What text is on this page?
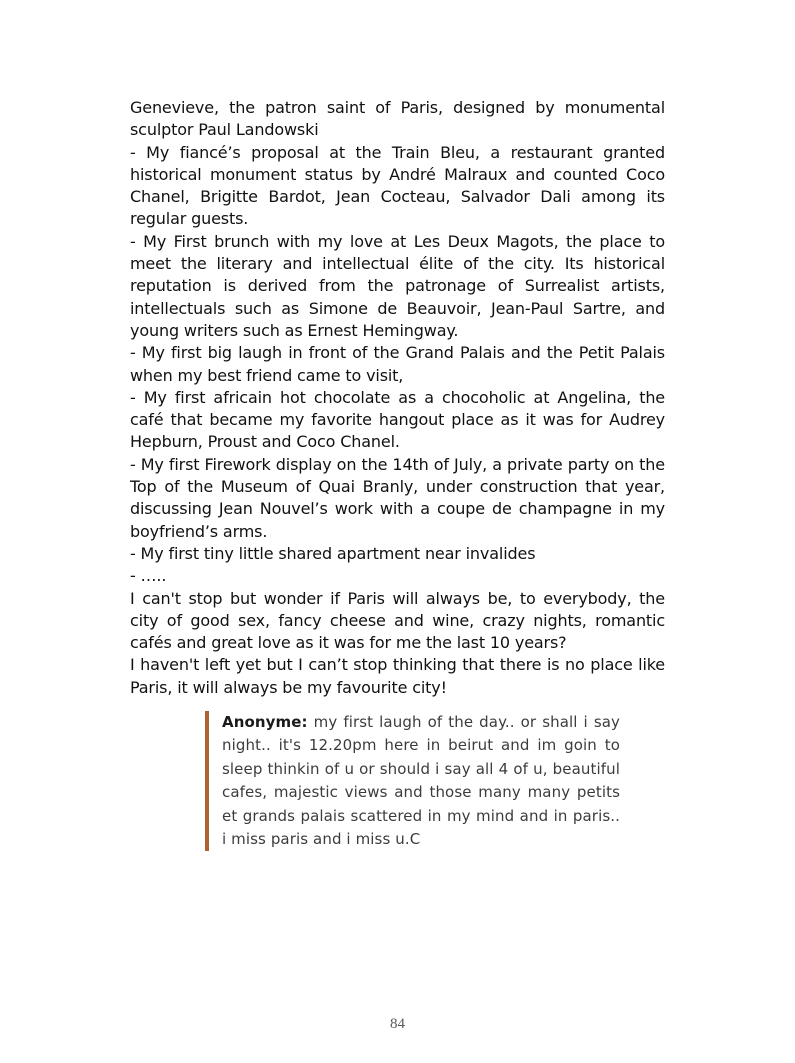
Genevieve, the patron saint of Paris, designed by monumental sculptor Paul Landowski

- My fiancé’s proposal at the Train Bleu, a restaurant granted historical monument status by André Malraux and counted Coco Chanel, Brigitte Bardot, Jean Cocteau, Salvador Dali among its regular guests.

- My First brunch with my love at Les Deux Magots, the place to meet the literary and intellectual élite of the city. Its historical reputation is derived from the patronage of Surrealist artists, intellectuals such as Simone de Beauvoir, Jean-Paul Sartre, and young writers such as Ernest Hemingway.

- My first big laugh in front of the Grand Palais and the Petit Palais when my best friend came to visit,

- My first africain hot chocolate as a chocoholic at Angelina, the café that became my favorite hangout place as it was for Audrey Hepburn, Proust and Coco Chanel.

- My first Firework display on the 14th of July, a private party on the Top of the Museum of Quai Branly, under construction that year, discussing Jean Nouvel’s work with a coupe de champagne in my boyfriend’s arms.

- My first tiny little shared apartment near invalides

- …..

I can't stop but wonder if Paris will always be, to everybody, the city of good sex, fancy cheese and wine, crazy nights, romantic cafés and great love as it was for me the last 10 years?

I haven't left yet but I can’t stop thinking that there is no place like Paris, it will always be my favourite city!

Anonyme: my first laugh of the day.. or shall i say night.. it's 12.20pm here in beirut and im goin to sleep thinkin of u or should i say all 4 of u, beautiful cafes, majestic views and those many many petits et grands palais scattered in my mind and in paris.. i miss paris and i miss u.C

84
